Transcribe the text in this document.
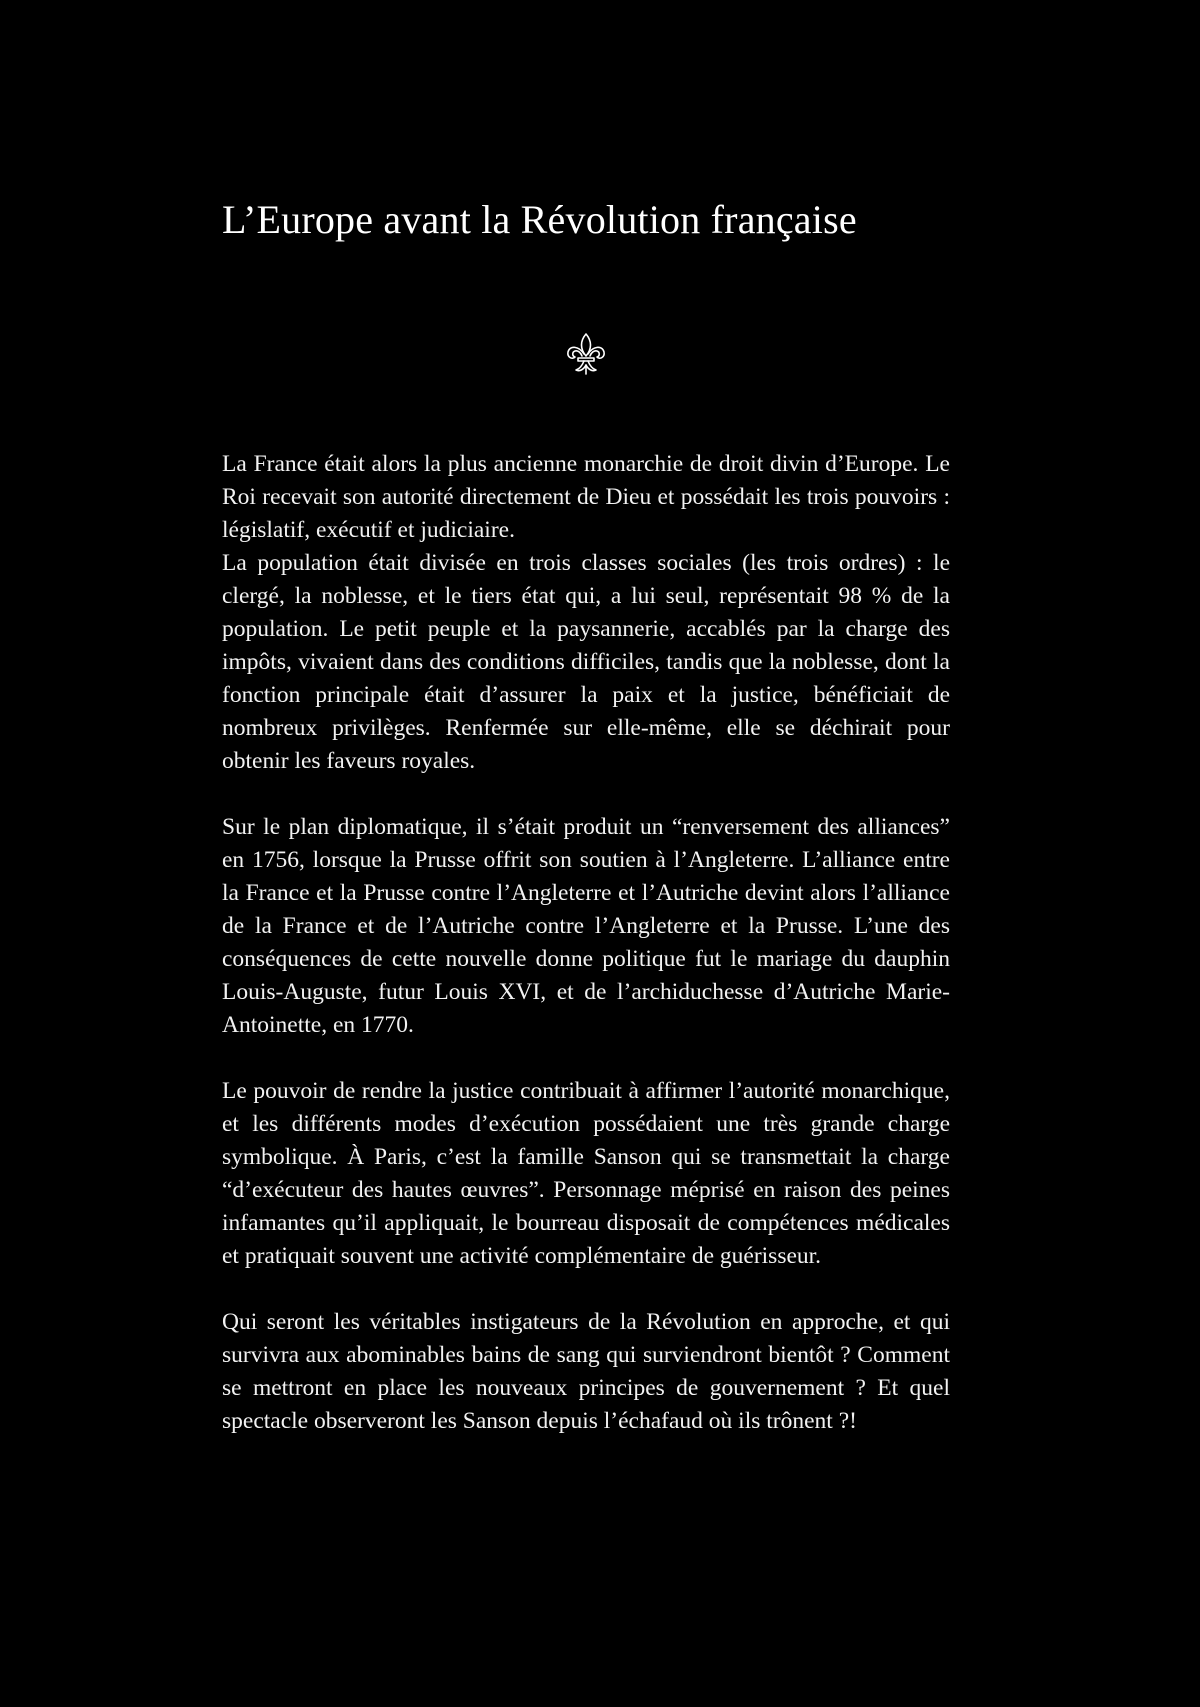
L’Europe avant la Révolution française

La France était alors la plus ancienne monarchie de droit divin d’Europe. Le Roi recevait son autorité directement de Dieu et possédait les trois pouvoirs : législatif, exécutif et judiciaire.

La population était divisée en trois classes sociales (les trois ordres) : le clergé, la noblesse, et le tiers état qui, a lui seul, représentait 98 % de la population. Le petit peuple et la paysannerie, accablés par la charge des impôts, vivaient dans des conditions difficiles, tandis que la noblesse, dont la fonction principale était d’assurer la paix et la justice, bénéficiait de nombreux privilèges. Renfermée sur elle-même, elle se déchirait pour obtenir les faveurs royales.

Sur le plan diplomatique, il s’était produit un “renversement des alliances” en 1756, lorsque la Prusse offrit son soutien à l’Angleterre. L’alliance entre la France et la Prusse contre l’Angleterre et l’Autriche devint alors l’alliance de la France et de l’Autriche contre l’Angleterre et la Prusse. L’une des conséquences de cette nouvelle donne politique fut le mariage du dauphin Louis-Auguste, futur Louis XVI, et de l’archiduchesse d’Autriche Marie-Antoinette, en 1770.

Le pouvoir de rendre la justice contribuait à affirmer l’autorité monarchique, et les différents modes d’exécution possédaient une très grande charge symbolique. À Paris, c’est la famille Sanson qui se transmettait la charge “d’exécuteur des hautes œuvres”. Personnage méprisé en raison des peines infamantes qu’il appliquait, le bourreau disposait de compétences médicales et pratiquait souvent une activité complémentaire de guérisseur.

Qui seront les véritables instigateurs de la Révolution en approche, et qui survivra aux abominables bains de sang qui surviendront bientôt ? Comment se mettront en place les nouveaux principes de gouvernement ? Et quel spectacle observeront les Sanson depuis l’échafaud où ils trônent ?!
